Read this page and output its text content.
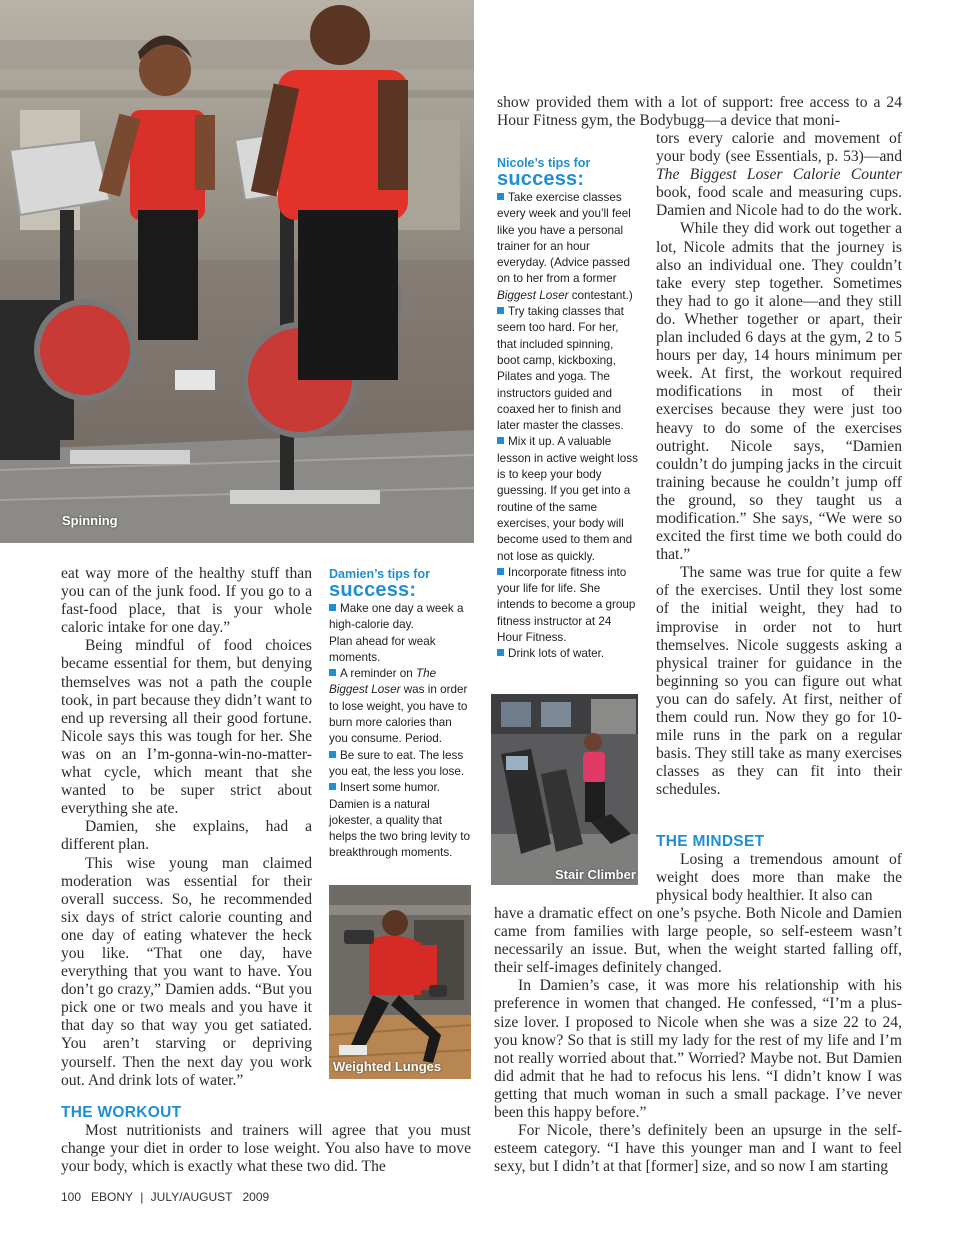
Spinning

eat way more of the healthy stuff than you can of the junk food. If you go to a fast-food place, that is your whole caloric intake for one day.”

Being mindful of food choices became essential for them, but denying themselves was not a path the couple took, in part because they didn’t want to end up reversing all their good fortune. Nicole says this was tough for her. She was on an I’m-gonna-win-no-matter-what cycle, which meant that she wanted to be super strict about everything she ate.

Damien, she explains, had a different plan.

This wise young man claimed moderation was essential for their overall success. So, he recommended six days of strict calorie counting and one day of eating whatever the heck you like. “That one day, have everything that you want to have. You don’t go crazy,” Damien adds. “But you pick one or two meals and you have it that day so that way you get satiated. You aren’t starving or depriving yourself. Then the next day you work out. And drink lots of water.”

Damien’s tips for
success:

Make one day a week a high-calorie day.

Plan ahead for weak moments.

A reminder on The Biggest Loser was in order to lose weight, you have to burn more calories than you consume. Period.

Be sure to eat. The less you eat, the less you lose.

Insert some humor. Damien is a natural jokester, a quality that helps the two bring levity to breakthrough moments.

Weighted Lunges
THE WORKOUT

Most nutritionists and trainers will agree that you must change your diet in order to lose weight. You also have to move your body, which is exactly what these two did. The

Nicole’s tips for
success:

Take exercise classes every week and you’ll feel like you have a personal trainer for an hour everyday. (Advice passed on to her from a former Biggest Loser contestant.)

Try taking classes that seem too hard. For her, that included spinning, boot camp, kickboxing, Pilates and yoga. The instructors guided and coaxed her to finish and later master the classes.

Mix it up. A valuable lesson in active weight loss is to keep your body guessing. If you get into a routine of the same exercises, your body will become used to them and not lose as quickly.

Incorporate fitness into your life for life. She intends to become a group fitness instructor at 24 Hour Fitness.

Drink lots of water.

Stair Climber

show provided them with a lot of support: free access to a 24 Hour Fitness gym, the Bodybugg—a device that moni-

tors every calorie and movement of your body (see Essentials, p. 53)—and The Biggest Loser Calorie Counter book, food scale and measuring cups. Damien and Nicole had to do the work.

While they did work out together a lot, Nicole admits that the journey is also an individual one. They couldn’t take every step together. Sometimes they had to go it alone—and they still do. Whether together or apart, their plan included 6 days at the gym, 2 to 5 hours per day, 14 hours minimum per week. At first, the workout required modifications in most of their exercises because they were just too heavy to do some of the exercises outright. Nicole says, “Damien couldn’t do jumping jacks in the circuit training because he couldn’t jump off the ground, so they taught us a modification.” She says, “We were so excited the first time we both could do that.”

The same was true for quite a few of the exercises. Until they lost some of the initial weight, they had to improvise in order not to hurt themselves. Nicole suggests asking a physical trainer for guidance in the beginning so you can figure out what you can do safely. At first, neither of them could run. Now they go for 10-mile runs in the park on a regular basis. They still take as many exercises classes as they can fit into their schedules.

THE MINDSET

Losing a tremendous amount of weight does more than make the physical body healthier. It also can

have a dramatic effect on one’s psyche. Both Nicole and Damien came from families with large people, so self-esteem wasn’t necessarily an issue. But, when the weight started falling off, their self-images definitely changed.

In Damien’s case, it was more his relationship with his preference in women that changed. He confessed, “I’m a plus-size lover. I proposed to Nicole when she was a size 22 to 24, you know? So that is still my lady for the rest of my life and I’m not really worried about that.” Worried? Maybe not. But Damien did admit that he had to refocus his lens. “I didn’t know I was getting that much woman in such a small package. I’ve never been this happy before.”

For Nicole, there’s definitely been an upsurge in the self-esteem category. “I have this younger man and I want to feel sexy, but I didn’t at that [former] size, and so now I am starting

100 EBONY | JULY/AUGUST 2009
